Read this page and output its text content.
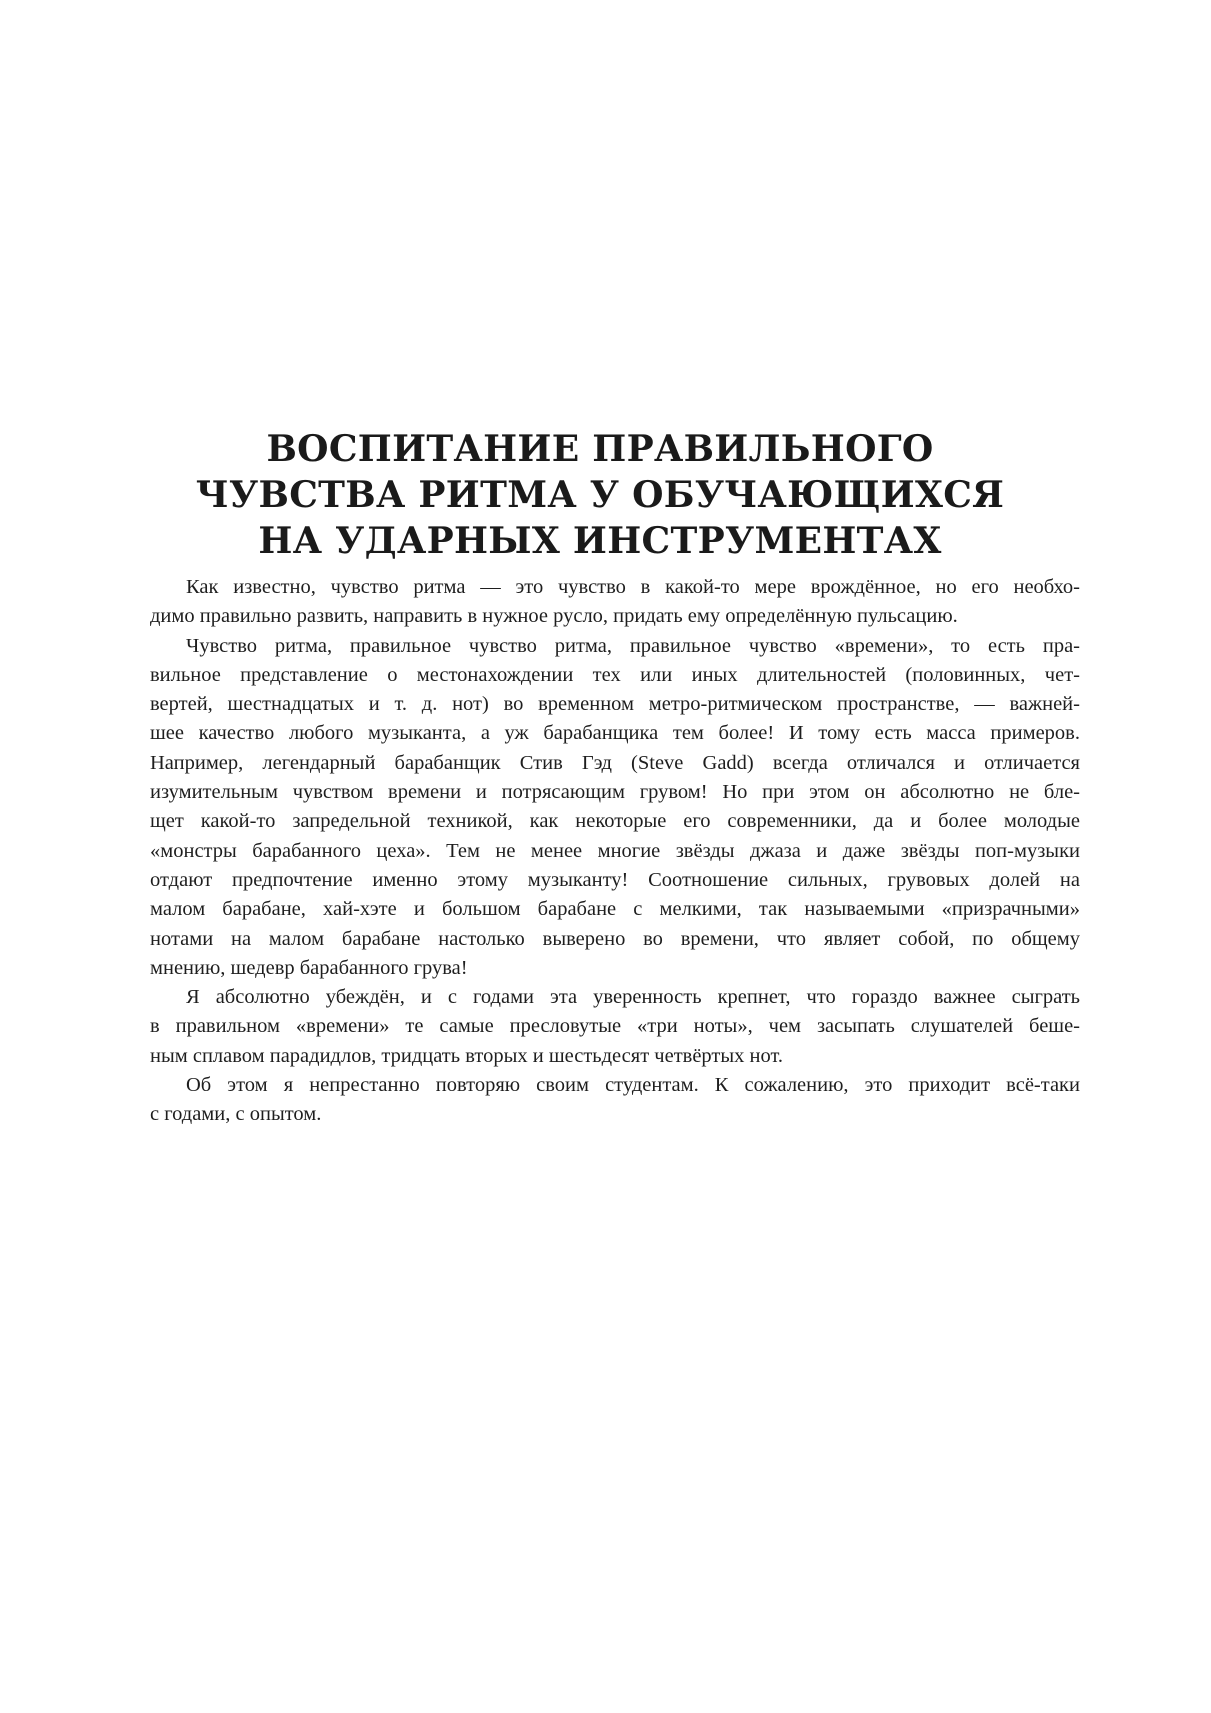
ВОСПИТАНИЕ ПРАВИЛЬНОГО
ЧУВСТВА РИТМА У ОБУЧАЮЩИХСЯ
НА УДАРНЫХ ИНСТРУМЕНТАХ
Как известно, чувство ритма — это чувство в какой-то мере врождённое, но его необхо-
димо правильно развить, направить в нужное русло, придать ему определённую пульсацию.
Чувство ритма, правильное чувство ритма, правильное чувство «времени», то есть пра-
вильное представление о местонахождении тех или иных длительностей (половинных, чет-
вертей, шестнадцатых и т. д. нот) во временном метро-ритмическом пространстве, — важней-
шее качество любого музыканта, а уж барабанщика тем более! И тому есть масса примеров.
Например, легендарный барабанщик Стив Гэд (Steve Gadd) всегда отличался и отличается
изумительным чувством времени и потрясающим грувом! Но при этом он абсолютно не бле-
щет какой-то запредельной техникой, как некоторые его современники, да и более молодые
«монстры барабанного цеха». Тем не менее многие звёзды джаза и даже звёзды поп-музыки
отдают предпочтение именно этому музыканту! Соотношение сильных, грувовых долей на
малом барабане, хай-хэте и большом барабане с мелкими, так называемыми «призрачными»
нотами на малом барабане настолько выверено во времени, что являет собой, по общему
мнению, шедевр барабанного грува!
Я абсолютно убеждён, и с годами эта уверенность крепнет, что гораздо важнее сыграть
в правильном «времени» те самые пресловутые «три ноты», чем засыпать слушателей беше-
ным сплавом парадидлов, тридцать вторых и шестьдесят четвёртых нот.
Об этом я непрестанно повторяю своим студентам. К сожалению, это приходит всё-таки
с годами, с опытом.
